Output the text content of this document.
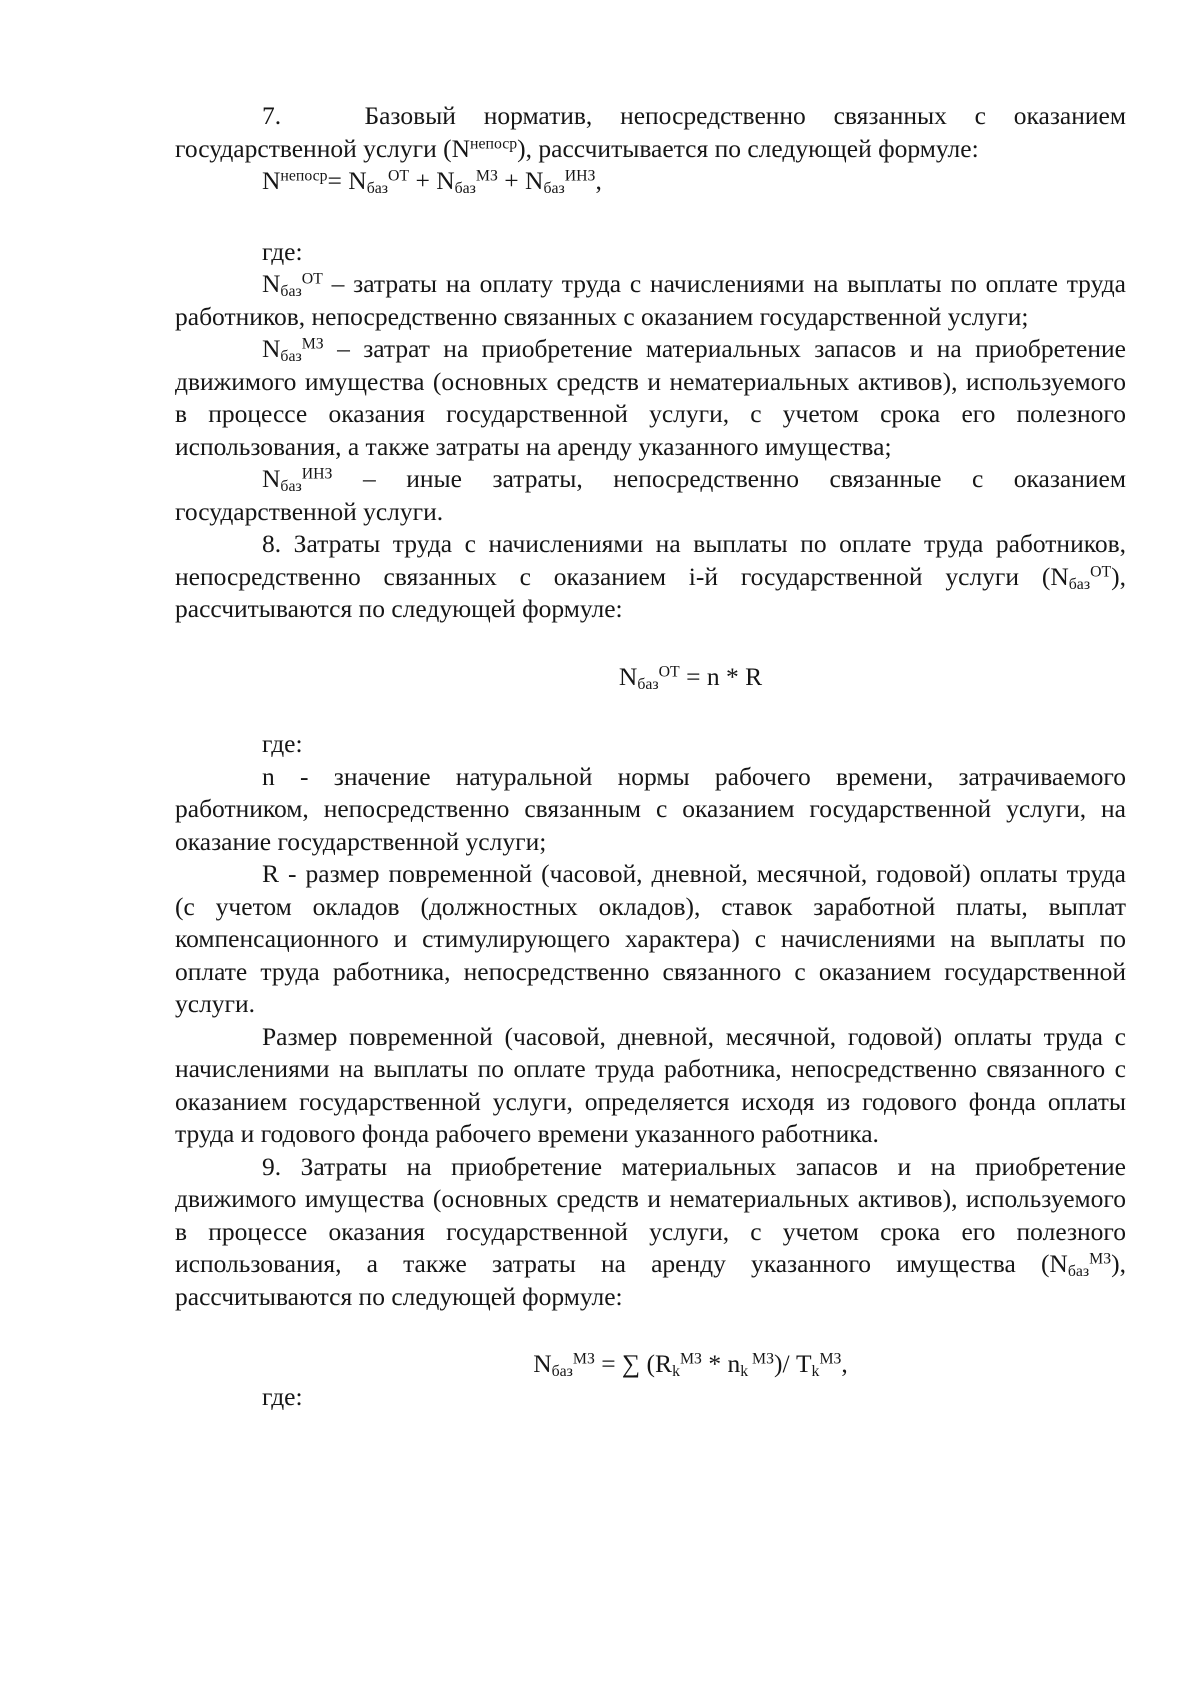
7.   Базовый норматив, непосредственно связанных с оказанием государственной услуги $(N^{непоср})$, рассчитывается по следующей формуле:

$N^{непоср}= N_{баз}^{ОТ} + N_{баз}^{МЗ} + N_{баз}^{ИНЗ}$,

где:

$N_{баз}^{ОТ}$ – затраты на оплату труда с начислениями на выплаты по оплате труда работников, непосредственно связанных с оказанием государственной услуги;

$N_{баз}^{МЗ}$ – затрат на приобретение материальных запасов и на приобретение движимого имущества (основных средств и нематериальных активов), используемого в процессе оказания государственной услуги, с учетом срока его полезного использования, а также затраты на аренду указанного имущества;

$N_{баз}^{ИНЗ}$ – иные затраты, непосредственно связанные с оказанием государственной услуги.

8. Затраты труда с начислениями на выплаты по оплате труда работников, непосредственно связанных с оказанием i-й государственной услуги $(N_{баз}^{ОТ})$, рассчитываются по следующей формуле:

$N_{баз}^{ОТ} = n * R$

где:

n - значение натуральной нормы рабочего времени, затрачиваемого работником, непосредственно связанным с оказанием государственной услуги, на оказание государственной услуги;

R - размер повременной (часовой, дневной, месячной, годовой) оплаты труда (с учетом окладов (должностных окладов), ставок заработной платы, выплат компенсационного и стимулирующего характера) с начислениями на выплаты по оплате труда работника, непосредственно связанного с оказанием государственной услуги.

Размер повременной (часовой, дневной, месячной, годовой) оплаты труда с начислениями на выплаты по оплате труда работника, непосредственно связанного с оказанием государственной услуги, определяется исходя из годового фонда оплаты труда и годового фонда рабочего времени указанного работника.

9. Затраты на приобретение материальных запасов и на приобретение движимого имущества (основных средств и нематериальных активов), используемого в процессе оказания государственной услуги, с учетом срока его полезного использования, а также затраты на аренду указанного имущества $(N_{баз}^{МЗ})$, рассчитываются по следующей формуле:

$N_{баз}^{МЗ}$ = ∑ ($R_k^{МЗ} * n_k$ $^{МЗ}$)/ $T_k^{МЗ}$,

где:
